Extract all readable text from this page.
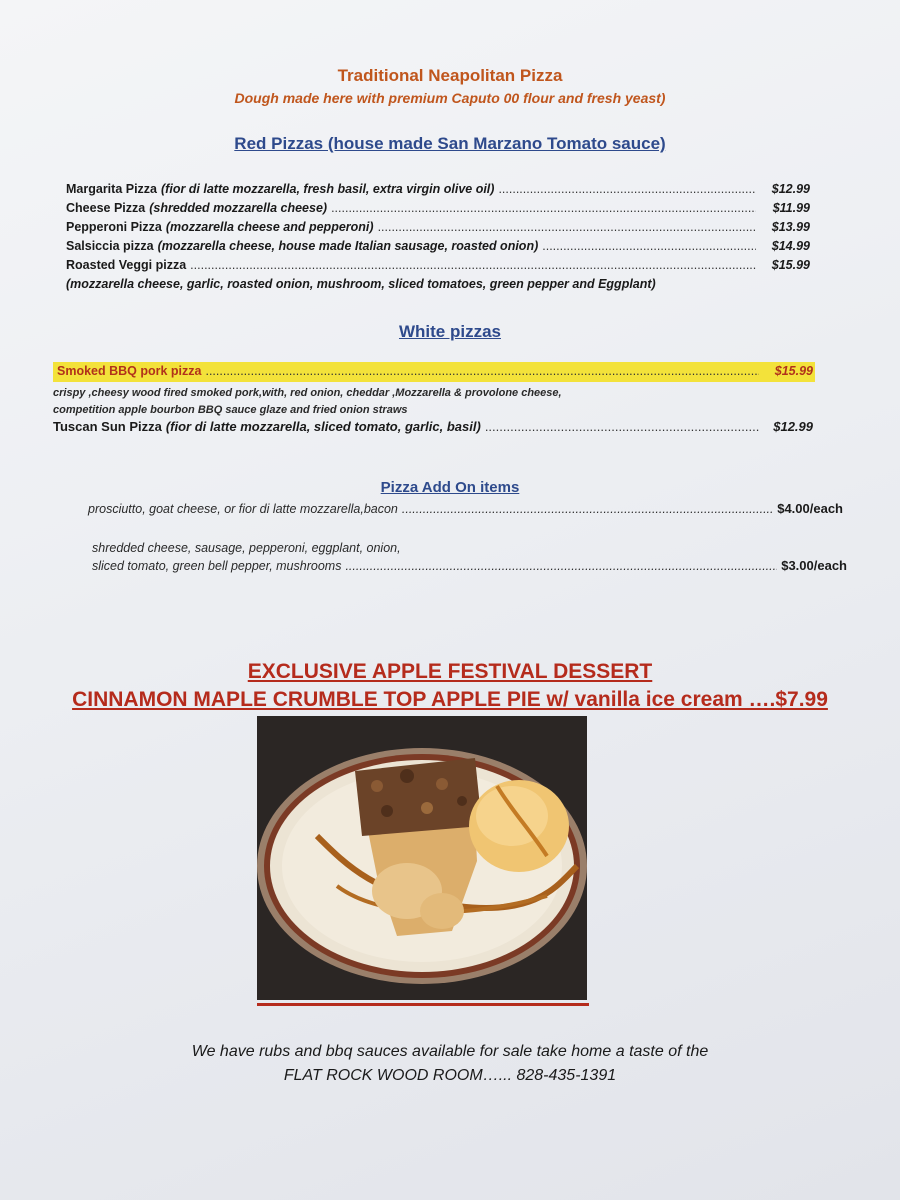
Traditional Neapolitan Pizza
Dough made here with premium Caputo 00 flour and fresh yeast)
Red Pizzas (house made San Marzano Tomato sauce)
Margarita Pizza (fior di latte mozzarella, fresh basil, extra virgin olive oil) .....	$12.99
Cheese Pizza (shredded mozzarella cheese) .....	$11.99
Pepperoni Pizza (mozzarella cheese and pepperoni) .....	$13.99
Salsiccia pizza (mozzarella cheese, house made Italian sausage, roasted onion) .....	$14.99
Roasted Veggi pizza .....	$15.99
(mozzarella cheese, garlic, roasted onion, mushroom, sliced tomatoes, green pepper and Eggplant)
White pizzas
Smoked BBQ pork pizza .....	$15.99
crispy ,cheesy wood fired smoked pork,with, red onion, cheddar ,Mozzarella & provolone cheese,
competition apple bourbon BBQ sauce glaze and fried onion straws
Tuscan Sun Pizza (fior di latte mozzarella, sliced tomato, garlic, basil) .....	$12.99
Pizza Add On items
prosciutto, goat cheese, or fior di latte mozzarella,bacon .....	$4.00/each
shredded cheese, sausage, pepperoni, eggplant, onion,
sliced tomato, green bell pepper, mushrooms .....	$3.00/each
EXCLUSIVE APPLE FESTIVAL DESSERT
CINNAMON MAPLE CRUMBLE TOP APPLE PIE w/ vanilla ice cream ….$7.99
We have rubs and bbq sauces available for sale take home a taste of the
FLAT ROCK WOOD ROOM…... 828-435-1391
